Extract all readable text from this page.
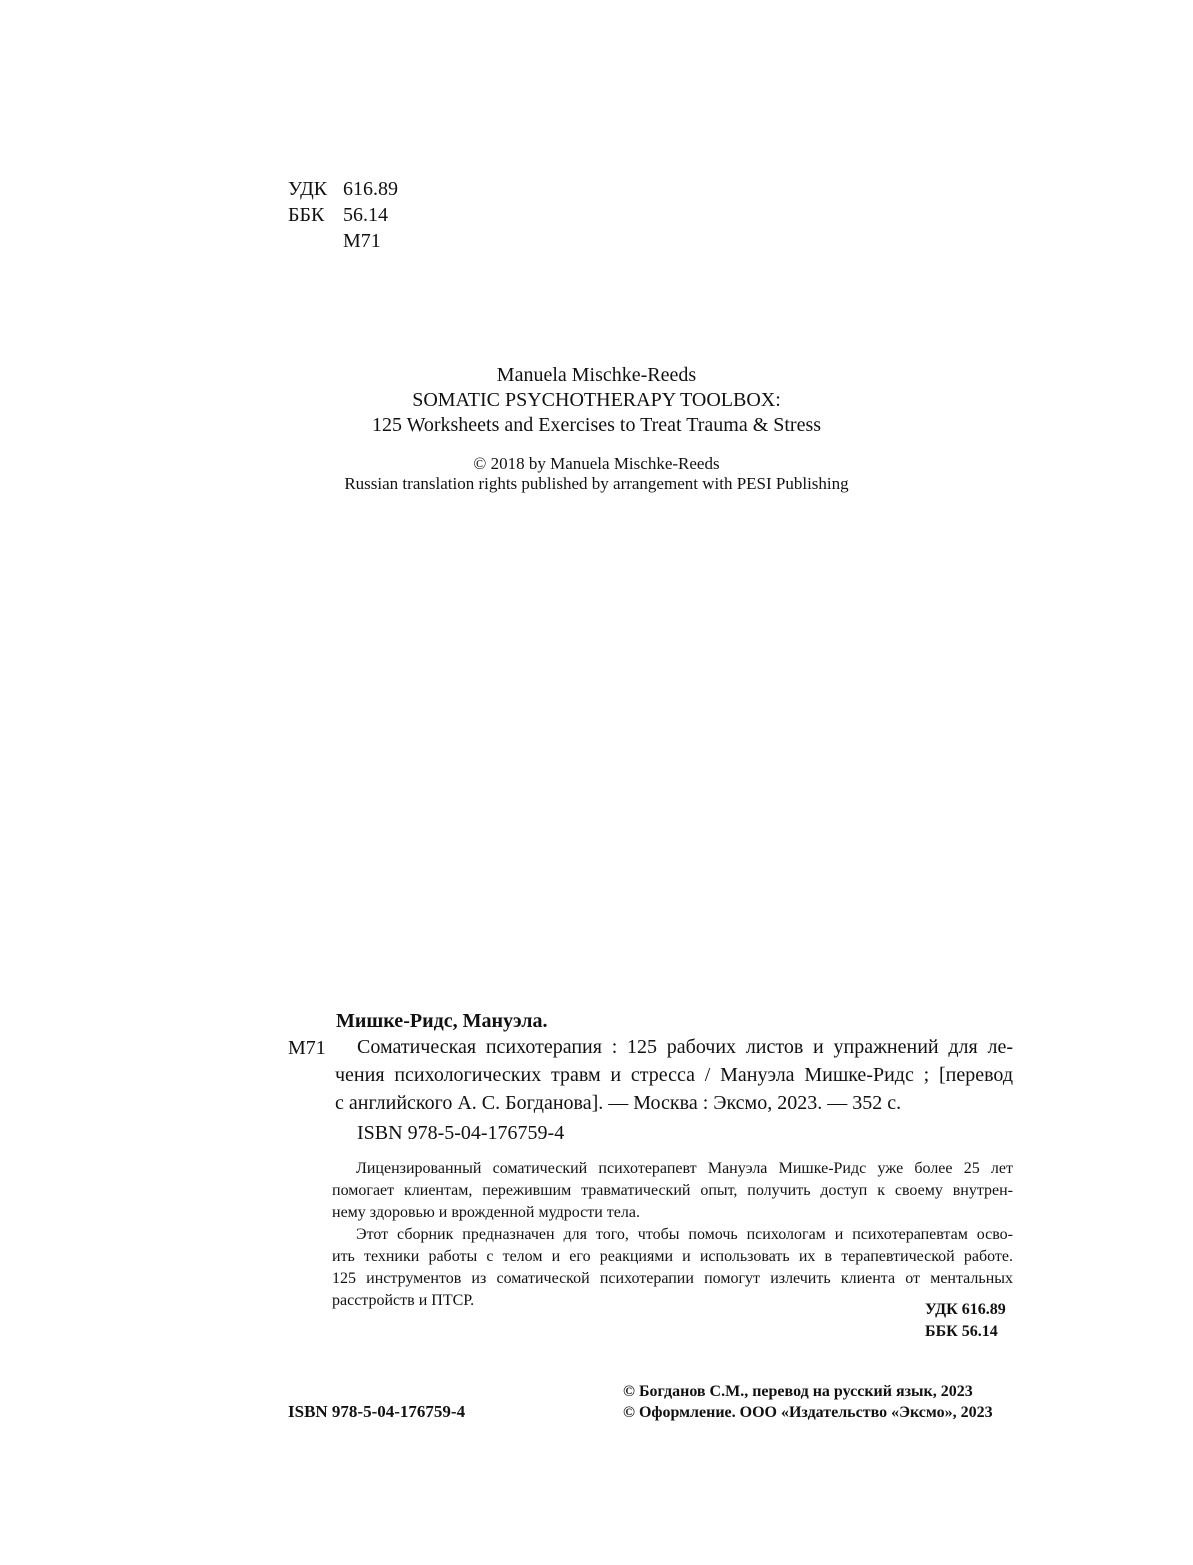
УДК 616.89
ББК 56.14
М71
Manuela Mischke-Reeds
SOMATIC PSYCHOTHERAPY TOOLBOX:
125 Worksheets and Exercises to Treat Trauma & Stress
© 2018 by Manuela Mischke-Reeds
Russian translation rights published by arrangement with PESI Publishing
Мишке-Ридс, Мануэла.
М71 Соматическая психотерапия : 125 рабочих листов и упражнений для ле-
чения психологических травм и стресса / Мануэла Мишке-Ридс ; [перевод
с английского А. С. Богданова]. — Москва : Эксмо, 2023. — 352 с.
ISBN 978-5-04-176759-4
Лицензированный соматический психотерапевт Мануэла Мишке-Ридс уже более 25 лет
помогает клиентам, пережившим травматический опыт, получить доступ к своему внутрен-
нему здоровью и врожденной мудрости тела.
Этот сборник предназначен для того, чтобы помочь психологам и психотерапевтам осво-
ить техники работы с телом и его реакциями и использовать их в терапевтической работе.
125 инструментов из соматической психотерапии помогут излечить клиента от ментальных
расстройств и ПТСР.
УДК 616.89
ББК 56.14
ISBN 978-5-04-176759-4
© Богданов С.М., перевод на русский язык, 2023
© Оформление. ООО «Издательство «Эксмо», 2023
